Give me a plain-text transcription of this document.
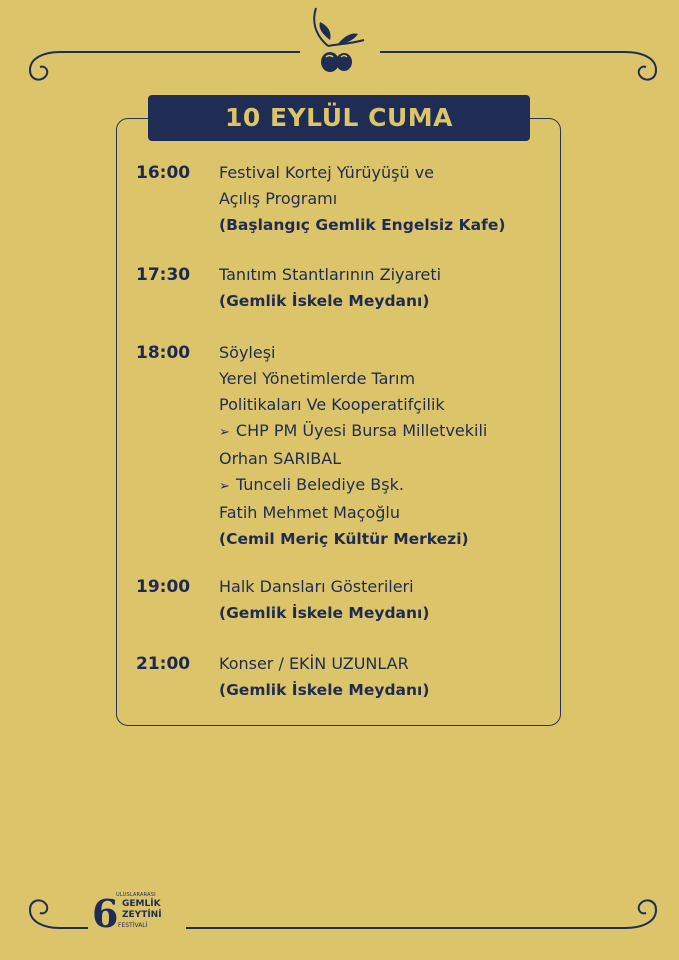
10 EYLÜL CUMA
16:00 Festival Kortej Yürüyüşü ve
Açılış Programı
(Başlangıç Gemlik Engelsiz Kafe)
17:30 Tanıtım Stantlarının Ziyareti
(Gemlik İskele Meydanı)
18:00 Söyleşi
Yerel Yönetimlerde Tarım
Politikaları Ve Kooperatifçilik
➢ CHP PM Üyesi Bursa Milletvekili
Orhan SARIBAL
➢ Tunceli Belediye Bşk.
Fatih Mehmet Maçoğlu
(Cemil Meriç Kültür Merkezi)
19:00 Halk Dansları Gösterileri
(Gemlik İskele Meydanı)
21:00 Konser / EKİN UZUNLAR
(Gemlik İskele Meydanı)
6
ULUSLARARASI
GEMLİK
ZEYTİNİ
FESTİVALİ
